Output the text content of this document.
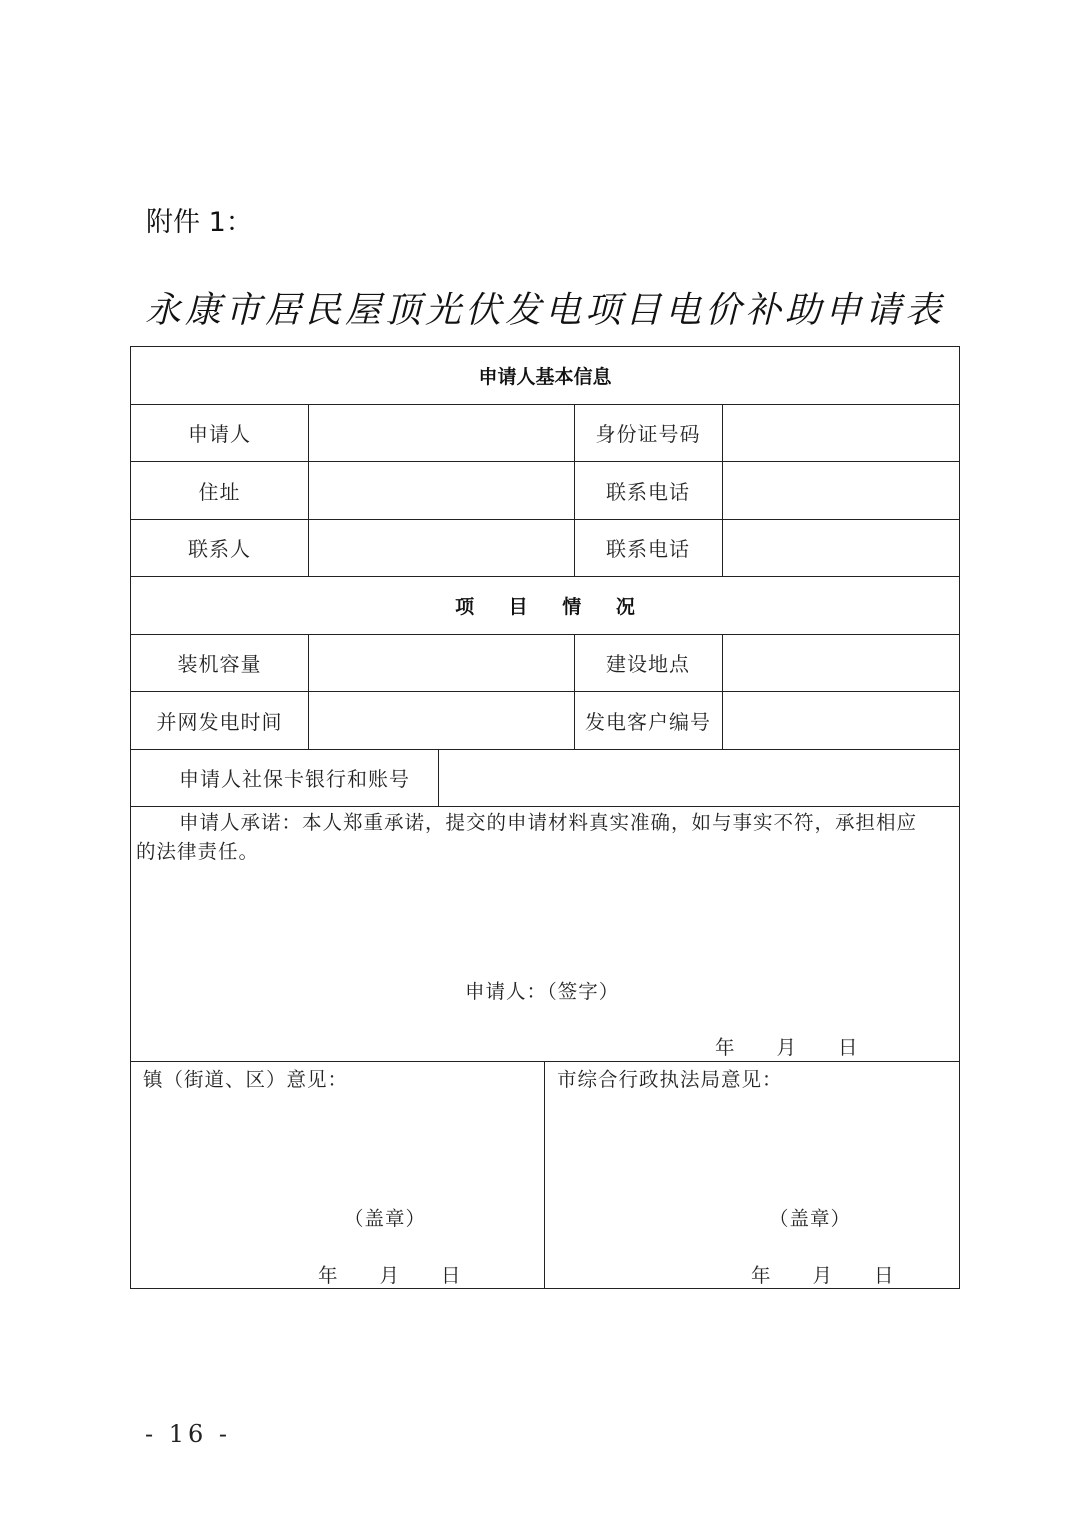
附件 1：
永康市居民屋顶光伏发电项目电价补助申请表
申请人基本信息
申请人	身份证号码
住址	联系电话
联系人	联系电话
项 目 情 况
装机容量	建设地点
并网发电时间	发电客户编号
申请人社保卡银行和账号
申请人承诺：本人郑重承诺，提交的申请材料真实准确，如与事实不符，承担相应
的法律责任。
申请人：（签字）
年　　月　　日
镇（街道、区）意见：
（盖章）
年　　月　　日
市综合行政执法局意见：
（盖章）
年　　月　　日
- 16 -
